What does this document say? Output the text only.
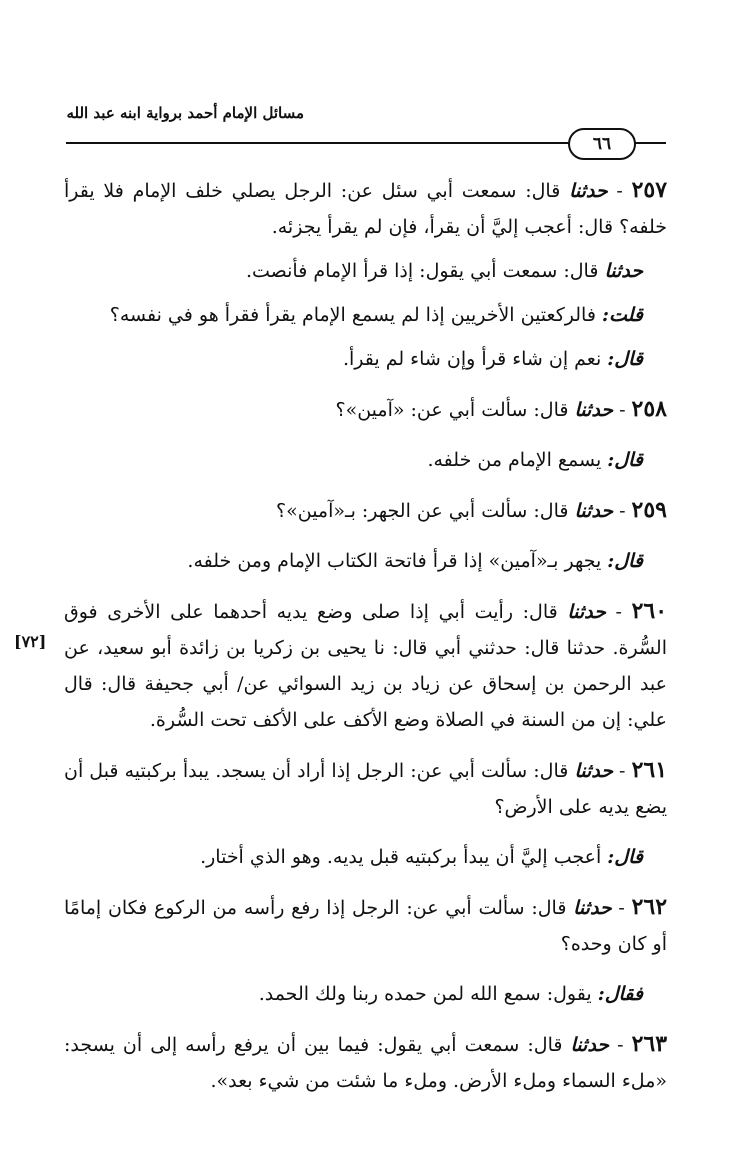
مسائل الإمام أحمد برواية ابنه عبد الله
٦٦
[٧٢]

٢٥٧ - حدثنا قال: سمعت أبي سئل عن: الرجل يصلي خلف الإمام فلا يقرأ خلفه؟ قال: أعجب إليَّ أن يقرأ، فإن لم يقرأ يجزئه.

حدثنا قال: سمعت أبي يقول: إذا قرأ الإمام فأنصت.

قلت: فالركعتين الأخريين إذا لم يسمع الإمام يقرأ فقرأ هو في نفسه؟

قال: نعم إن شاء قرأ وإن شاء لم يقرأ.

٢٥٨ - حدثنا قال: سألت أبي عن: «آمين»؟

قال: يسمع الإمام من خلفه.

٢٥٩ - حدثنا قال: سألت أبي عن الجهر: بـ«آمين»؟

قال: يجهر بـ«آمين» إذا قرأ فاتحة الكتاب الإمام ومن خلفه.

٢٦٠ - حدثنا قال: رأيت أبي إذا صلى وضع يديه أحدهما على الأخرى فوق السُّرة. حدثنا قال: حدثني أبي قال: نا يحيى بن زكريا بن زائدة أبو سعيد، عن عبد الرحمن بن إسحاق عن زياد بن زيد السوائي عن/ أبي جحيفة قال: قال علي: إن من السنة في الصلاة وضع الأكف على الأكف تحت السُّرة.

٢٦١ - حدثنا قال: سألت أبي عن: الرجل إذا أراد أن يسجد. يبدأ بركبتيه قبل أن يضع يديه على الأرض؟

قال: أعجب إليَّ أن يبدأ بركبتيه قبل يديه. وهو الذي أختار.

٢٦٢ - حدثنا قال: سألت أبي عن: الرجل إذا رفع رأسه من الركوع فكان إمامًا أو كان وحده؟

فقال: يقول: سمع الله لمن حمده ربنا ولك الحمد.

٢٦٣ - حدثنا قال: سمعت أبي يقول: فيما بين أن يرفع رأسه إلى أن يسجد: «ملء السماء وملء الأرض. وملء ما شئت من شيء بعد».
